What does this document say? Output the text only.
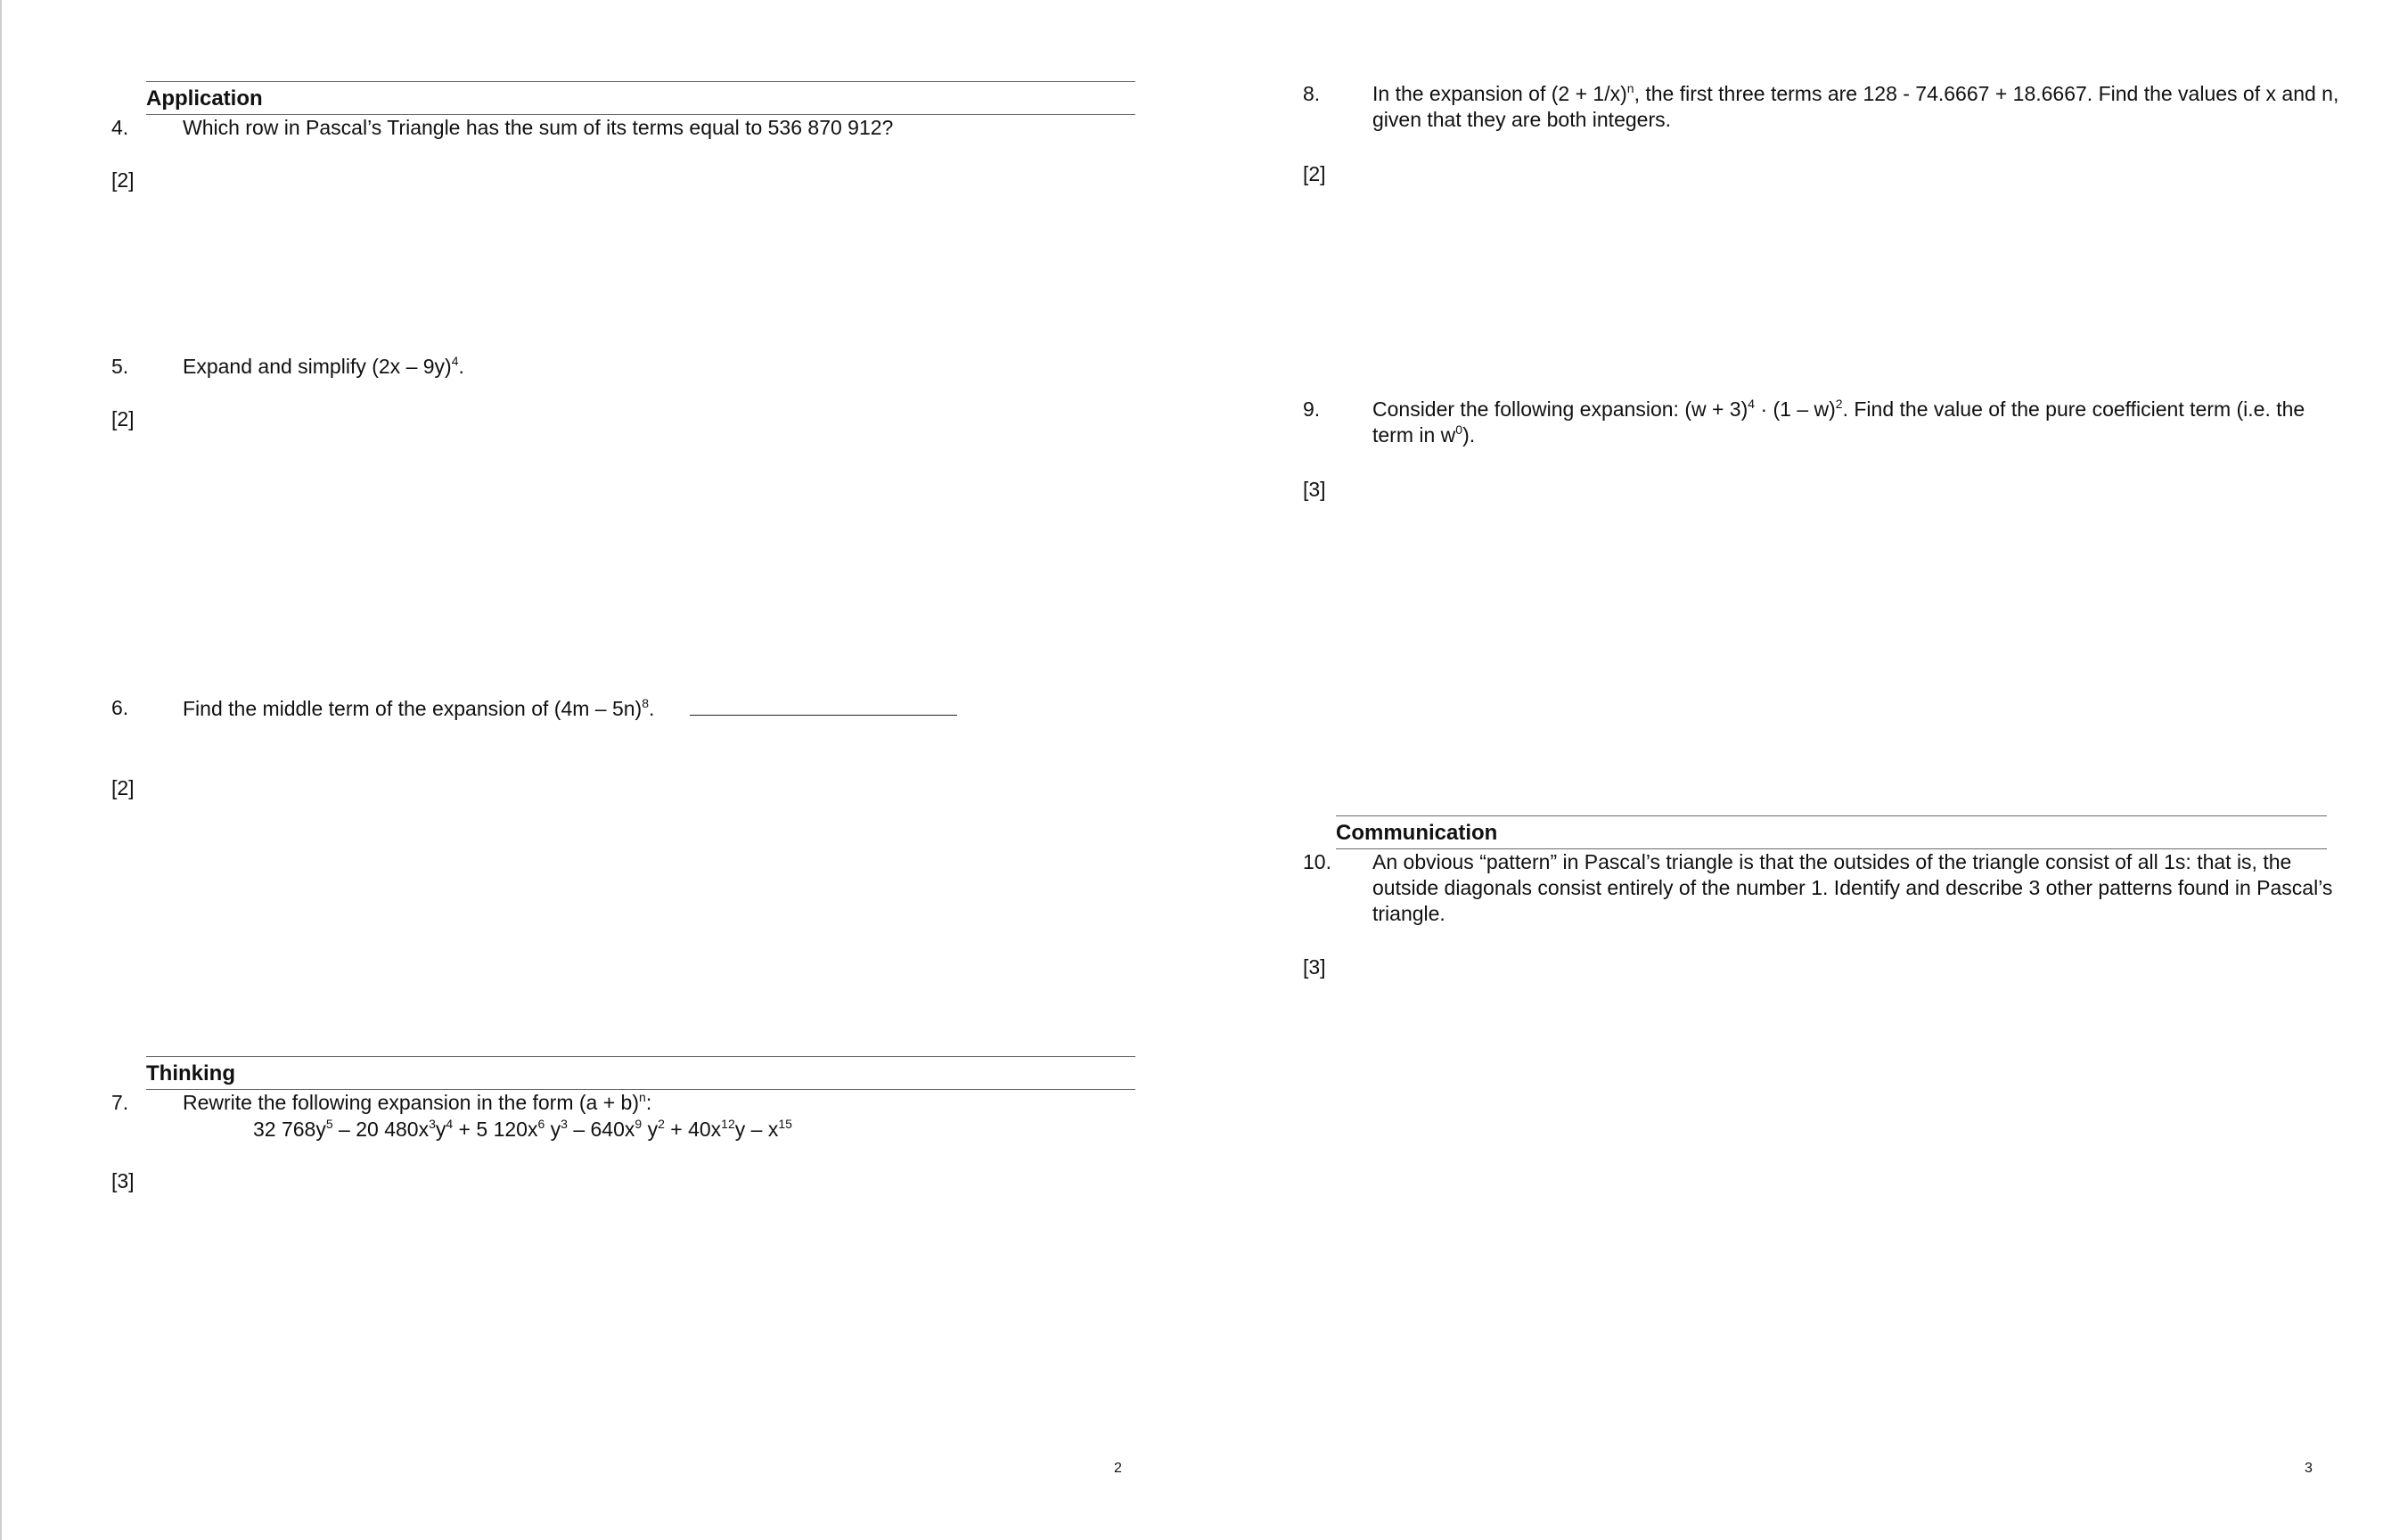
Application
4.	Which row in Pascal’s Triangle has the sum of its terms equal to 536 870 912?
[2]
5.	Expand and simplify (2x – 9y)$^4$.
[2]
6.	Find the middle term of the expansion of (4m – 5n)$^8$.
[2]
Thinking
7.	Rewrite the following expansion in the form $(a + b)^n$:
32 $768y^5 - 20$ $480x^3y^4 + 5$ $120x^6$ $y^3 - 640x^9$ $y^2 + 40x^{12}y - x^{15}$
[3]
2
8.	In the expansion of $(2 + 1/x)^n$, the first three terms are 128 - 74.6667 + 18.6667. Find the values of x and n,
given that they are both integers.
[2]
9.	Consider the following expansion: $(w + 3)^4 \cdot (1 - w)^2$. Find the value of the pure coefficient term (i.e. the
term in $w^0$).
[3]
Communication
10. An obvious “pattern” in Pascal’s triangle is that the outsides of the triangle consist of all 1s: that is, the
outside diagonals consist entirely of the number 1. Identify and describe 3 other patterns found in Pascal’s
triangle.
[3]
3
